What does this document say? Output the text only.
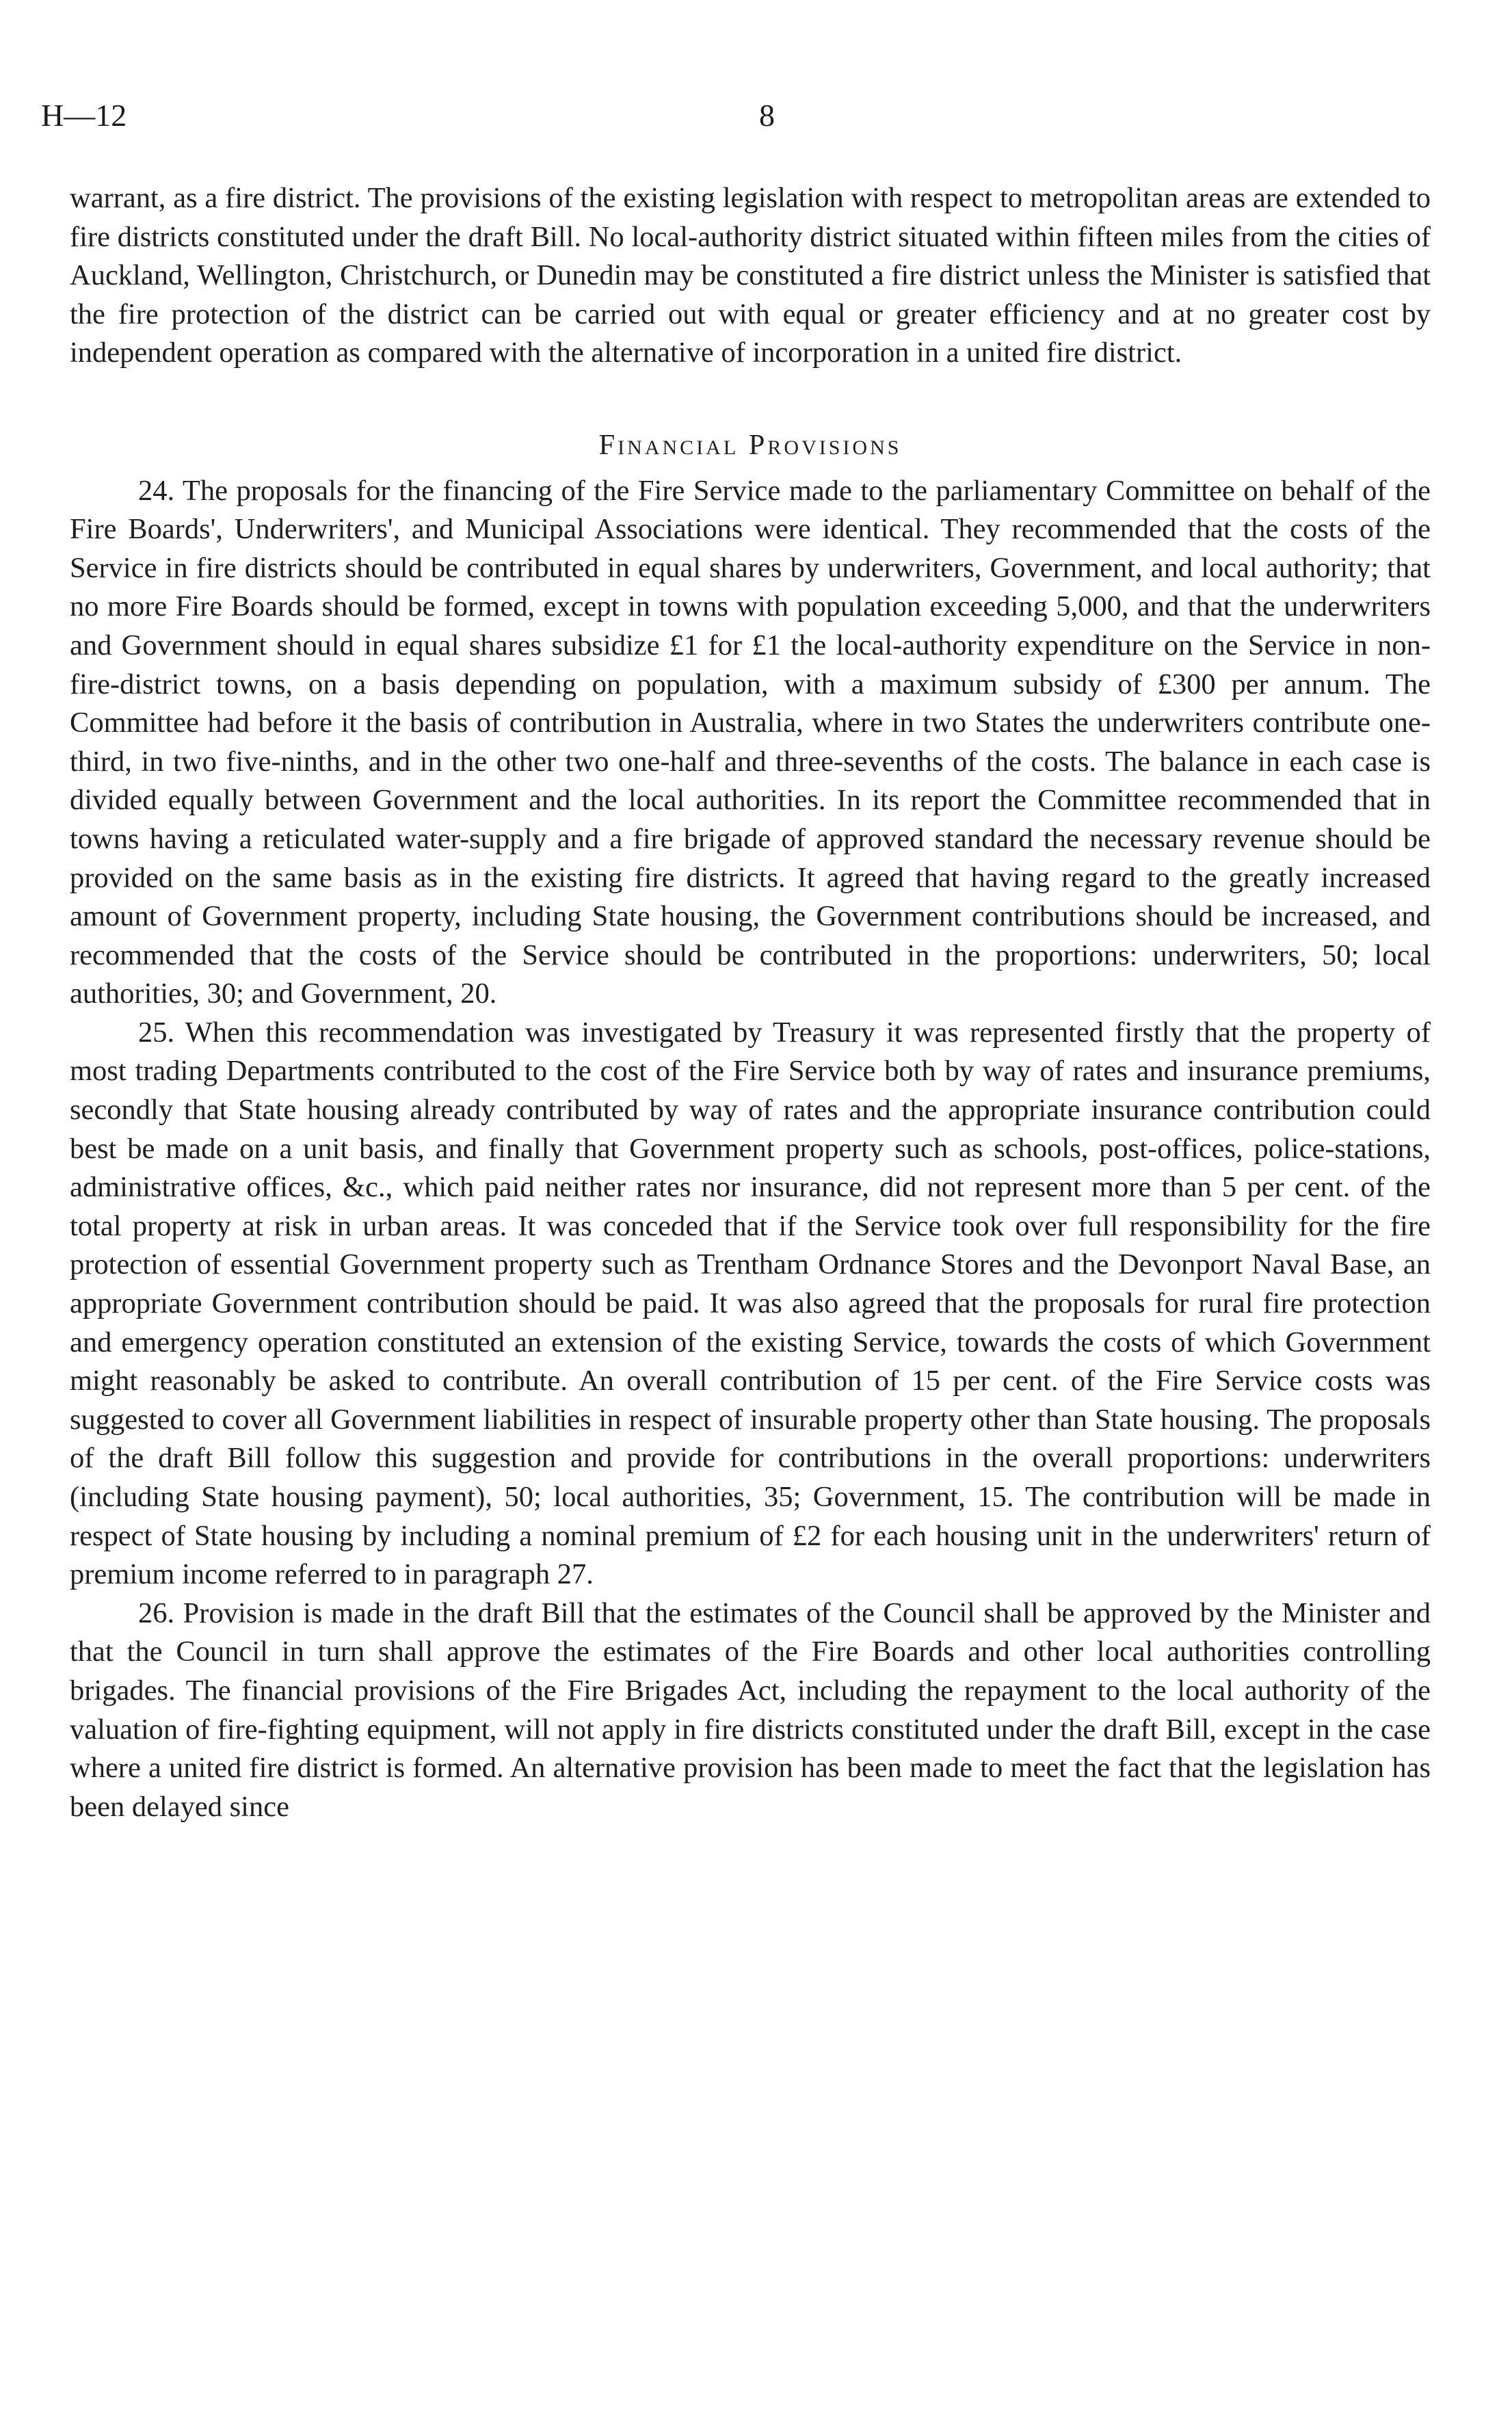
H—12	8

warrant, as a fire district. The provisions of the existing legislation with respect to metropolitan areas are extended to fire districts constituted under the draft Bill. No local-authority district situated within fifteen miles from the cities of Auckland, Wellington, Christchurch, or Dunedin may be constituted a fire district unless the Minister is satisfied that the fire protection of the district can be carried out with equal or greater efficiency and at no greater cost by independent operation as compared with the alternative of incorporation in a united fire district.

Financial Provisions

24. The proposals for the financing of the Fire Service made to the parliamentary Committee on behalf of the Fire Boards', Underwriters', and Municipal Associations were identical. They recommended that the costs of the Service in fire districts should be contributed in equal shares by underwriters, Government, and local authority; that no more Fire Boards should be formed, except in towns with population exceeding 5,000, and that the underwriters and Government should in equal shares subsidize £1 for £1 the local-authority expenditure on the Service in non-fire-district towns, on a basis depending on population, with a maximum subsidy of £300 per annum. The Committee had before it the basis of contribution in Australia, where in two States the underwriters contribute one-third, in two five-ninths, and in the other two one-half and three-sevenths of the costs. The balance in each case is divided equally between Government and the local authorities. In its report the Committee recommended that in towns having a reticulated water-supply and a fire brigade of approved standard the necessary revenue should be provided on the same basis as in the existing fire districts. It agreed that having regard to the greatly increased amount of Government property, including State housing, the Government contributions should be increased, and recommended that the costs of the Service should be contributed in the proportions: underwriters, 50; local authorities, 30; and Government, 20.

25. When this recommendation was investigated by Treasury it was represented firstly that the property of most trading Departments contributed to the cost of the Fire Service both by way of rates and insurance premiums, secondly that State housing already contributed by way of rates and the appropriate insurance contribution could best be made on a unit basis, and finally that Government property such as schools, post-offices, police-stations, administrative offices, &c., which paid neither rates nor insurance, did not represent more than 5 per cent. of the total property at risk in urban areas. It was conceded that if the Service took over full responsibility for the fire protection of essential Government property such as Trentham Ordnance Stores and the Devonport Naval Base, an appropriate Government contribution should be paid. It was also agreed that the proposals for rural fire protection and emergency operation constituted an extension of the existing Service, towards the costs of which Government might reasonably be asked to contribute. An overall contribution of 15 per cent. of the Fire Service costs was suggested to cover all Government liabilities in respect of insurable property other than State housing. The proposals of the draft Bill follow this suggestion and provide for contributions in the overall proportions: underwriters (including State housing payment), 50; local authorities, 35; Government, 15. The contribution will be made in respect of State housing by including a nominal premium of £2 for each housing unit in the underwriters' return of premium income referred to in paragraph 27.

26. Provision is made in the draft Bill that the estimates of the Council shall be approved by the Minister and that the Council in turn shall approve the estimates of the Fire Boards and other local authorities controlling brigades. The financial provisions of the Fire Brigades Act, including the repayment to the local authority of the valuation of fire-fighting equipment, will not apply in fire districts constituted under the draft Bill, except in the case where a united fire district is formed. An alternative provision has been made to meet the fact that the legislation has been delayed since
